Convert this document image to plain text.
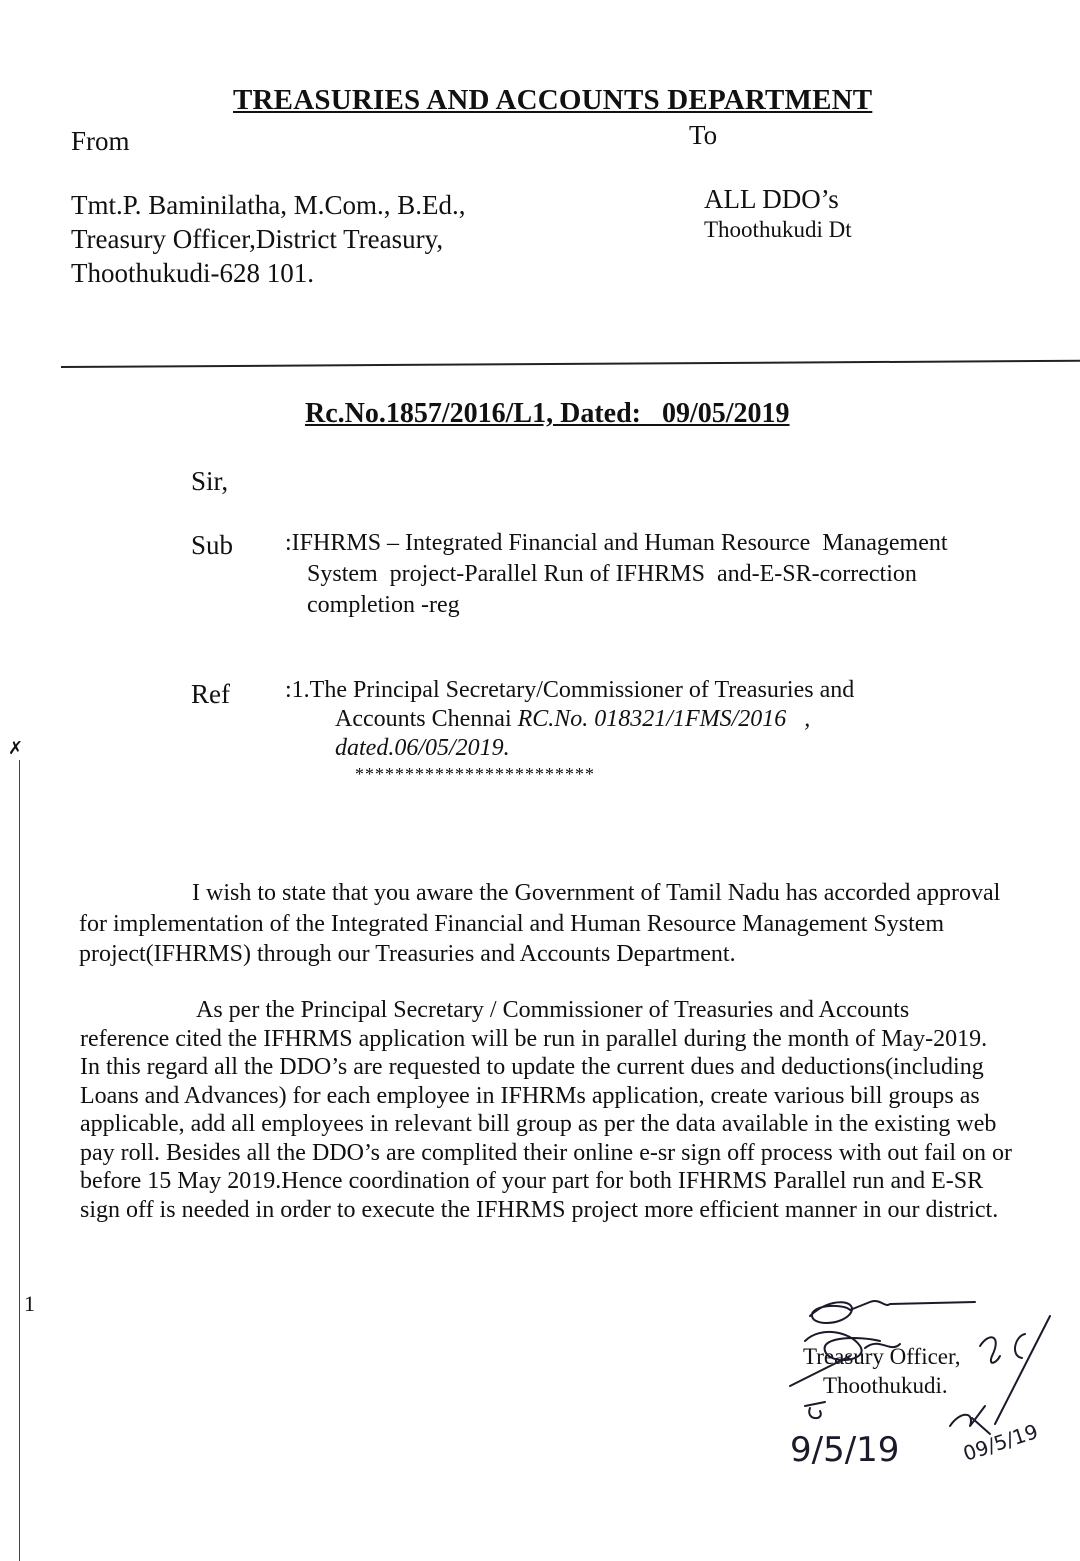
TREASURIES AND ACCOUNTS DEPARTMENT
From	To
Tmt.P. Baminilatha, M.Com., B.Ed.,
Treasury Officer,District Treasury,
Thoothukudi-628 101.
ALL DDO’s
Thoothukudi Dt
Rc.No.1857/2016/L1, Dated:   09/05/2019
Sir,
Sub :IFHRMS – Integrated Financial and Human Resource  Management
System  project-Parallel Run of IFHRMS  and-E-SR-correction
completion -reg
Ref :1.The Principal Secretary/Commissioner of Treasuries and
Accounts Chennai RC.No. 018321/1FMS/2016   ,
dated.06/05/2019.
************************
I wish to state that you aware the Government of Tamil Nadu has accorded approval
for implementation of the Integrated Financial and Human Resource Management System
project(IFHRMS) through our Treasuries and Accounts Department.
As per the Principal Secretary / Commissioner of Treasuries and Accounts
reference cited the IFHRMS application will be run in parallel during the month of May-2019.
In this regard all the DDO’s are requested to update the current dues and deductions(including
Loans and Advances) for each employee in IFHRMs application, create various bill groups as
applicable, add all employees in relevant bill group as per the data available in the existing web
pay roll. Besides all the DDO’s are complited their online e-sr sign off process with out fail on or
before 15 May 2019.Hence coordination of your part for both IFHRMS Parallel run and E-SR
sign off is needed in order to execute the IFHRMS project more efficient manner in our district.
✗
1
Treasury Officer,
Thoothukudi.
9/5/19	09/5/19
